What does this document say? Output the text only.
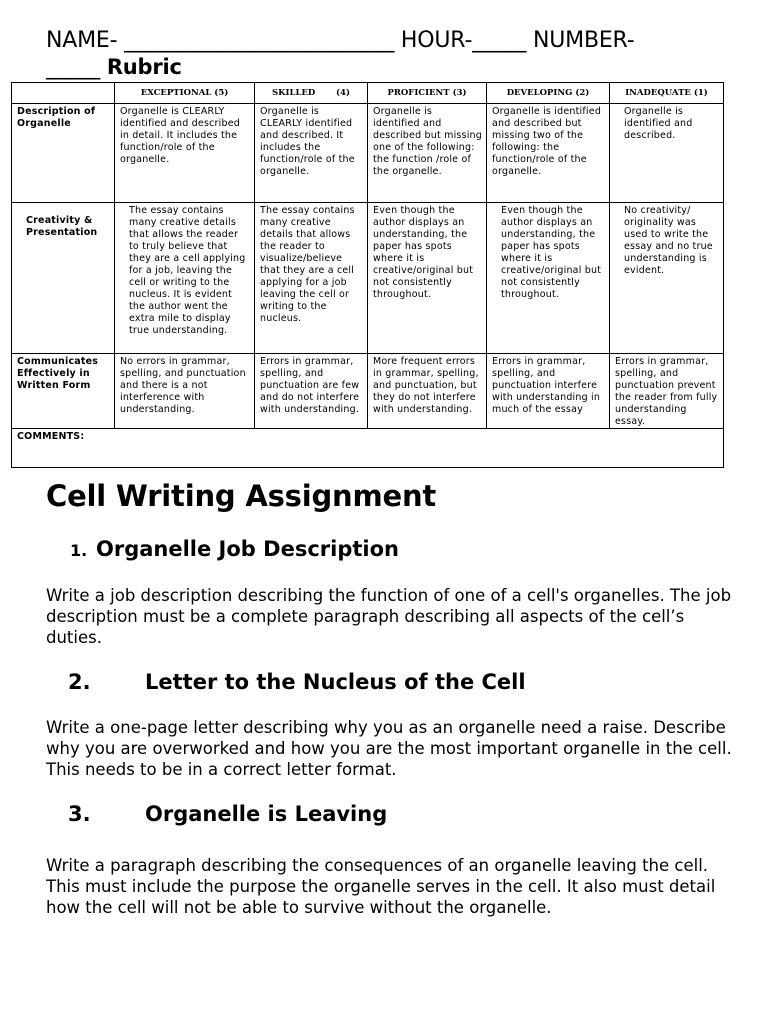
NAME- _________________________ HOUR-_____ NUMBER-
_____ Rubric
	EXCEPTIONAL (5)	SKILLED       (4)	PROFICIENT (3)	DEVELOPING (2)	INADEQUATE (1)
Description of Organelle	Organelle is CLEARLY identified and described in detail. It includes the function/role of the organelle.	Organelle is CLEARLY identified and described. It includes the function/role of the organelle.	Organelle is identified and described but missing one of the following: the function /role of the organelle.	Organelle is identified and described but missing two of the following: the function/role of the organelle.	Organelle is identified and described.
Creativity & Presentation	The essay contains many creative details that allows the reader to truly believe that they are a cell applying for a job, leaving the cell or writing to the nucleus. It is evident the author went the extra mile to display true understanding.	The essay contains many creative details that allows the reader to visualize/believe that they are a cell applying for a job leaving the cell or writing to the nucleus.	Even though the author displays an understanding, the paper has spots where it is creative/original but not consistently throughout.	Even though the author displays an understanding, the paper has spots where it is creative/original but not consistently throughout.	No creativity/ originality was used to write the essay and no true understanding is evident.
Communicates Effectively in Written Form	No errors in grammar, spelling, and punctuation and there is a not interference with understanding.	Errors in grammar, spelling, and punctuation are few and do not interfere with understanding.	More frequent errors in grammar, spelling, and punctuation, but they do not interfere with understanding.	Errors in grammar, spelling, and punctuation interfere with understanding in much of the essay	Errors in grammar, spelling, and punctuation prevent the reader from fully understanding essay.
COMMENTS:					
Cell Writing Assignment
1. Organelle Job Description
Write a job description describing the function of one of a cell's organelles. The job description must be a complete paragraph describing all aspects of the cell’s duties.
2.	Letter to the Nucleus of the Cell
Write a one-page letter describing why you as an organelle need a raise. Describe why you are overworked and how you are the most important organelle in the cell. This needs to be in a correct letter format.
3.	Organelle is Leaving
Write a paragraph describing the consequences of an organelle leaving the cell. This must include the purpose the organelle serves in the cell. It also must detail how the cell will not be able to survive without the organelle.
